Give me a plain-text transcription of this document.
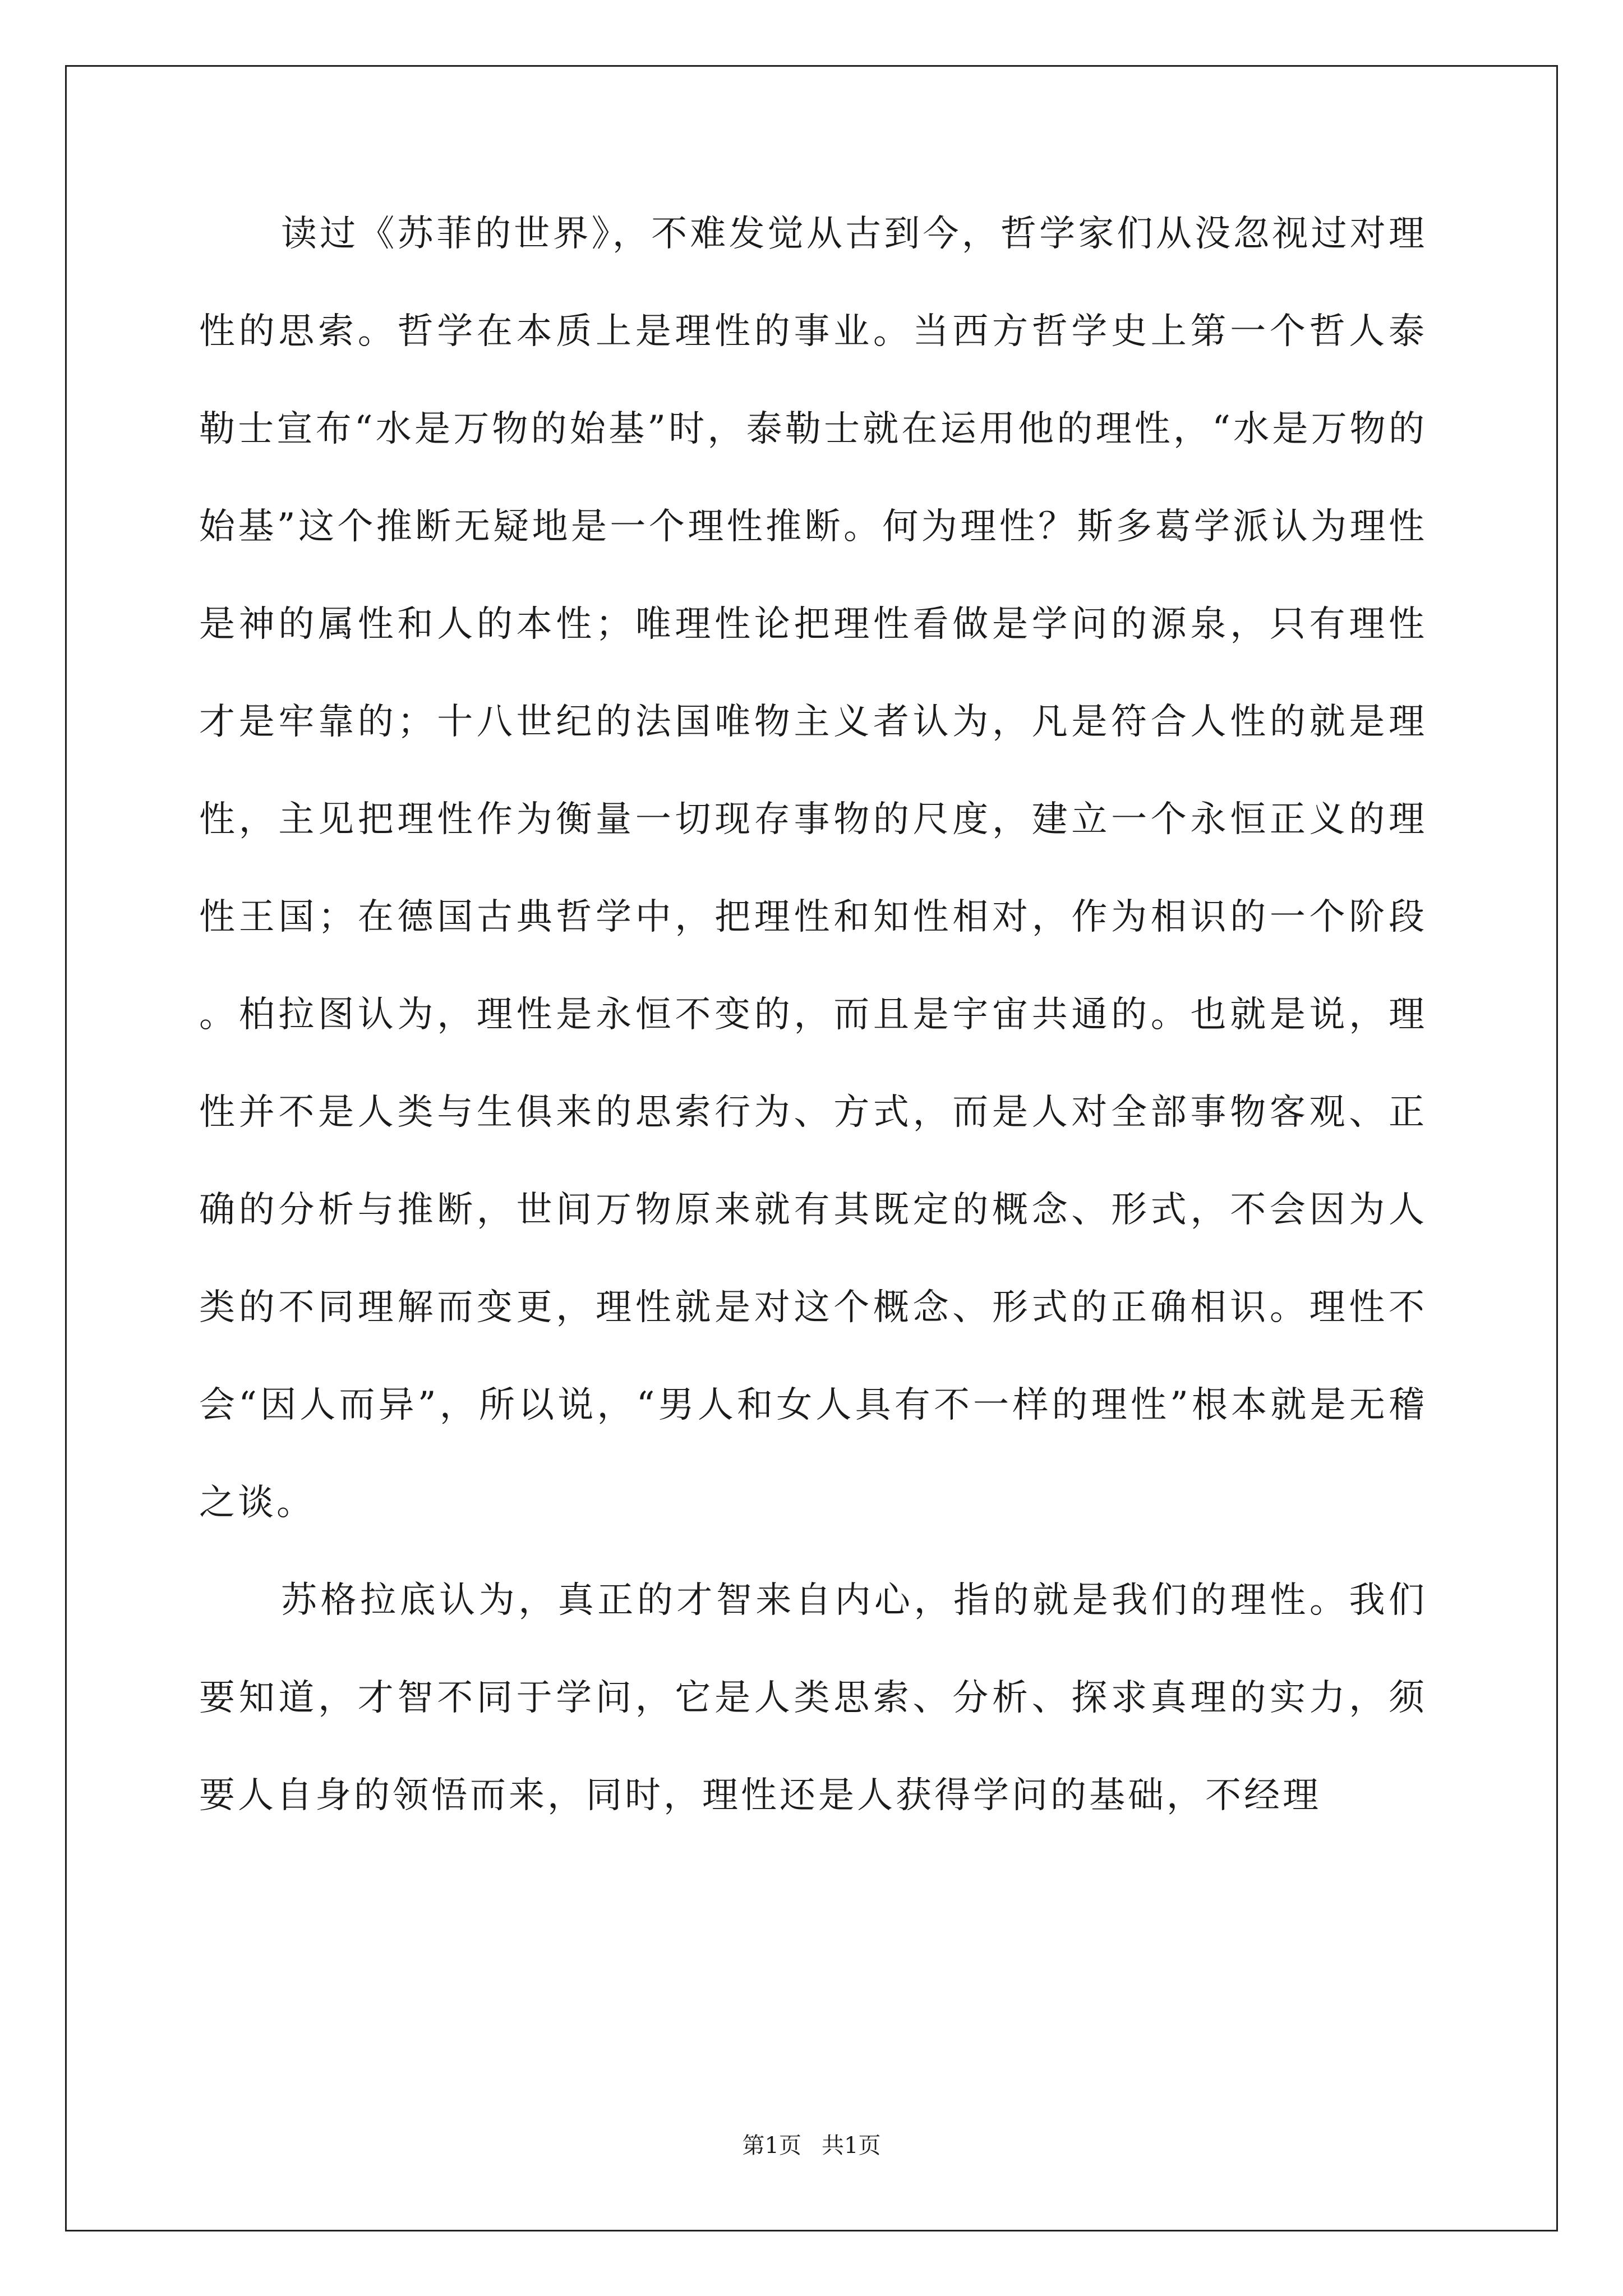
读过《苏菲的世界》，不难发觉从古到今，哲学家们从没忽视过对理性的思索。哲学在本质上是理性的事业。当西方哲学史上第一个哲人泰勒士宣布“水是万物的始基”时，泰勒士就在运用他的理性，“水是万物的始基”这个推断无疑地是一个理性推断。何为理性？斯多葛学派认为理性是神的属性和人的本性；唯理性论把理性看做是学问的源泉，只有理性才是牢靠的；十八世纪的法国唯物主义者认为，凡是符合人性的就是理性，主见把理性作为衡量一切现存事物的尺度，建立一个永恒正义的理性王国；在德国古典哲学中，把理性和知性相对，作为相识的一个阶段。柏拉图认为，理性是永恒不变的，而且是宇宙共通的。也就是说，理性并不是人类与生俱来的思索行为、方式，而是人对全部事物客观、正确的分析与推断，世间万物原来就有其既定的概念、形式，不会因为人类的不同理解而变更，理性就是对这个概念、形式的正确相识。理性不会“因人而异”，所以说，“男人和女人具有不一样的理性”根本就是无稽之谈。

苏格拉底认为，真正的才智来自内心，指的就是我们的理性。我们要知道，才智不同于学问，它是人类思索、分析、探求真理的实力，须要人自身的领悟而来，同时，理性还是人获得学问的基础，不经理

第1页 共1页
